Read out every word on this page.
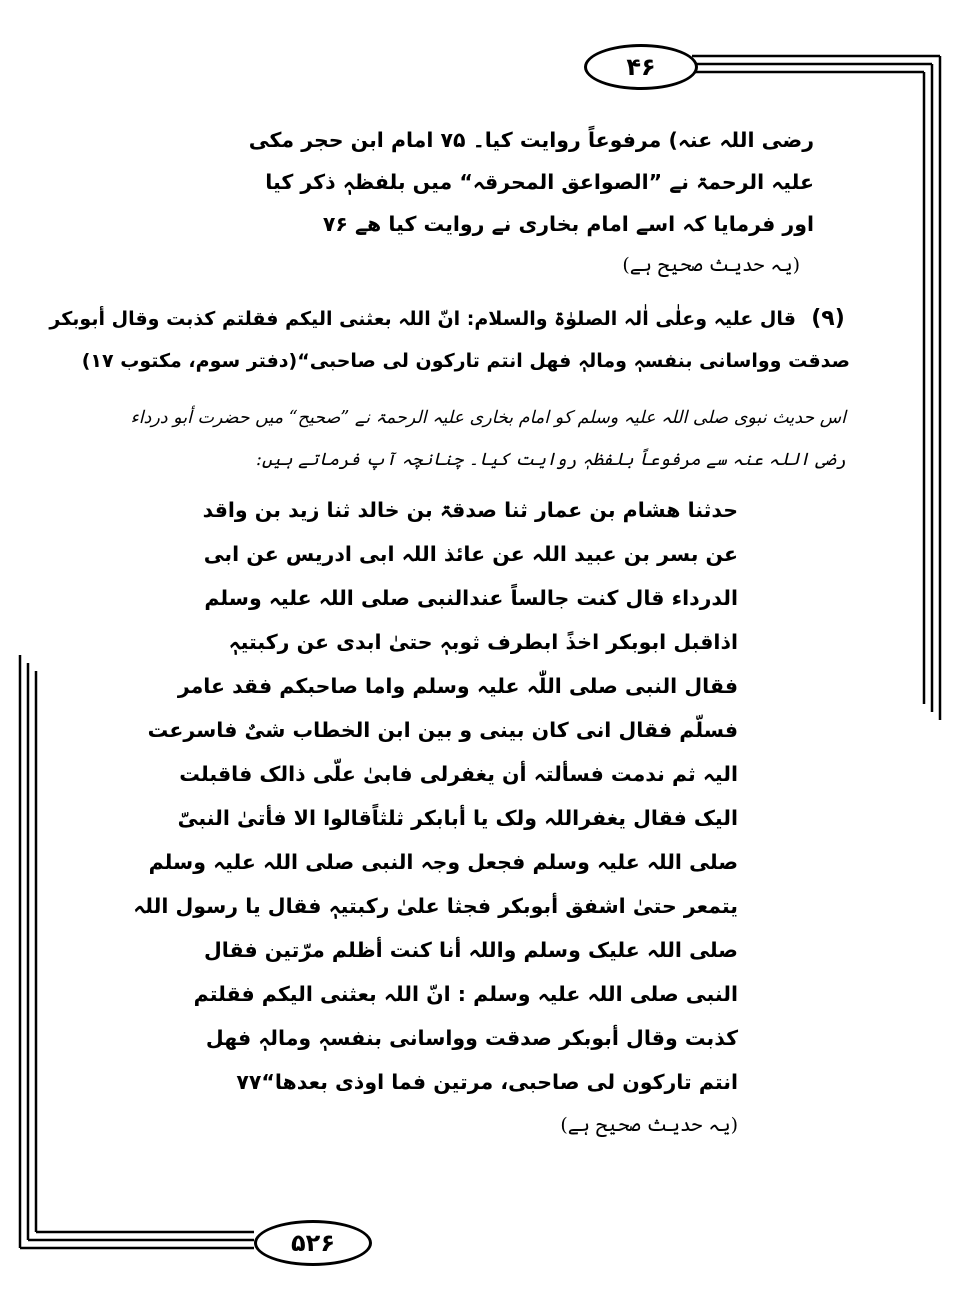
۴۶
۵۲۶
رضی اللہ عنہ) مرفوعاً روایت کیا۔ ۷۵ امام ابن حجر مکی
علیہ الرحمۃ نے ”الصواعق المحرقہ“ میں بلفظہٖ ذکر کیا
اور فرمایا کہ اسے امام بخاری نے روایت کیا ھے ۷۶
(یہ حدیث صحیح ہے)
(۹)
قال علیہ وعلٰی اٰلہ الصلوٰۃ والسلام: انّ اللہ بعثنی الیکم فقلتم کذبت وقال أبوبکر
صدقت وواسانی بنفسہٖ ومالہٖ فھل انتم تارکون لی صاحبی“(دفتر سوم، مکتوب ۱۷)
اس حدیث نبوی صلی اللہ علیہ وسلم کو امام بخاری علیہ الرحمۃ نے ”صحیح“ میں حضرت أبو درداء
رضی اللہ عنہ سے مرفوعاً بلفظہٖ روایت کیا۔ چنانچہ آپ فرماتے ہیں:
حدثنا ھشام بن عمار ثنا صدقۃ بن خالد ثنا زید بن واقد
عن بسر بن عبید اللہ عن عائذ اللہ ابی ادریس عن ابی
الدرداء قال کنت جالساً عندالنبی صلی اللہ علیہ وسلم
اذاقبل ابوبکر اخذً ابطرف ثوبہٖ حتیٰ ابدی عن رکبتیہٖ
فقال النبی صلی اللّٰہ علیہ وسلم واما صاحبکم فقد عامر
فسلّم فقال انی کان بینی و بین ابن الخطاب شیٌ فاسرعت
الیہ ثم ندمت فسألتہ أن یغفرلی فابیٰ علّی ذالک فاقبلت
الیک فقال یغفراللہ ولک یا أبابکر ثلثاًقالوا الا فأتیٰ النبیّ
صلی اللہ علیہ وسلم فجعل وجہ النبی صلی اللہ علیہ وسلم
یتمعر حتیٰ اشفق أبوبکر فجثا علیٰ رکبتیہٖ فقال یا رسول اللہ
صلی اللہ علیک وسلم واللہ أنا کنت أظلم مرّتین فقال
النبی صلی اللہ علیہ وسلم : انّ اللہ بعثنی الیکم فقلتم
کذبت وقال أبوبکر صدقت وواسانی بنفسہٖ ومالہٖ فھل
انتم تارکون لی صاحبی، مرتین فما اوذی بعدھا“۷۷
(یہ حدیث صحیح ہے)
